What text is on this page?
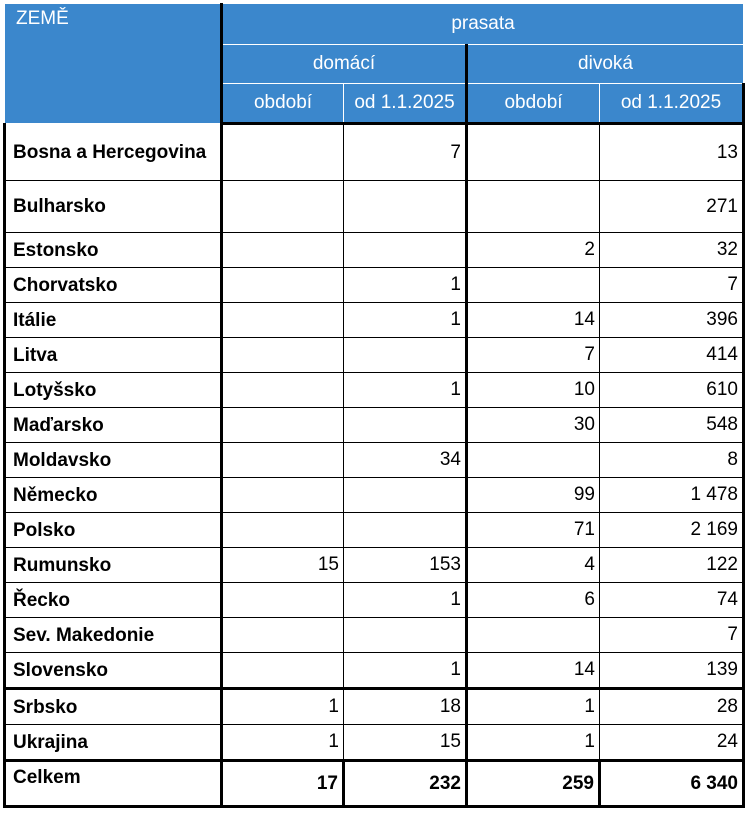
ZEMĚ	prasata			
	domácí		divoká	
	období	od 1.1.2025	období	od 1.1.2025
Bosna a Hercegovina		7		13
Bulharsko				271
Estonsko			2	32
Chorvatsko		1		7
Itálie		1	14	396
Litva			7	414
Lotyšsko		1	10	610
Maďarsko			30	548
Moldavsko		34		8
Německo			99	1 478
Polsko			71	2 169
Rumunsko	15	153	4	122
Řecko		1	6	74
Sev. Makedonie				7
Slovensko		1	14	139
Srbsko	1	18	1	28
Ukrajina	1	15	1	24
Celkem	17	232	259	6 340
